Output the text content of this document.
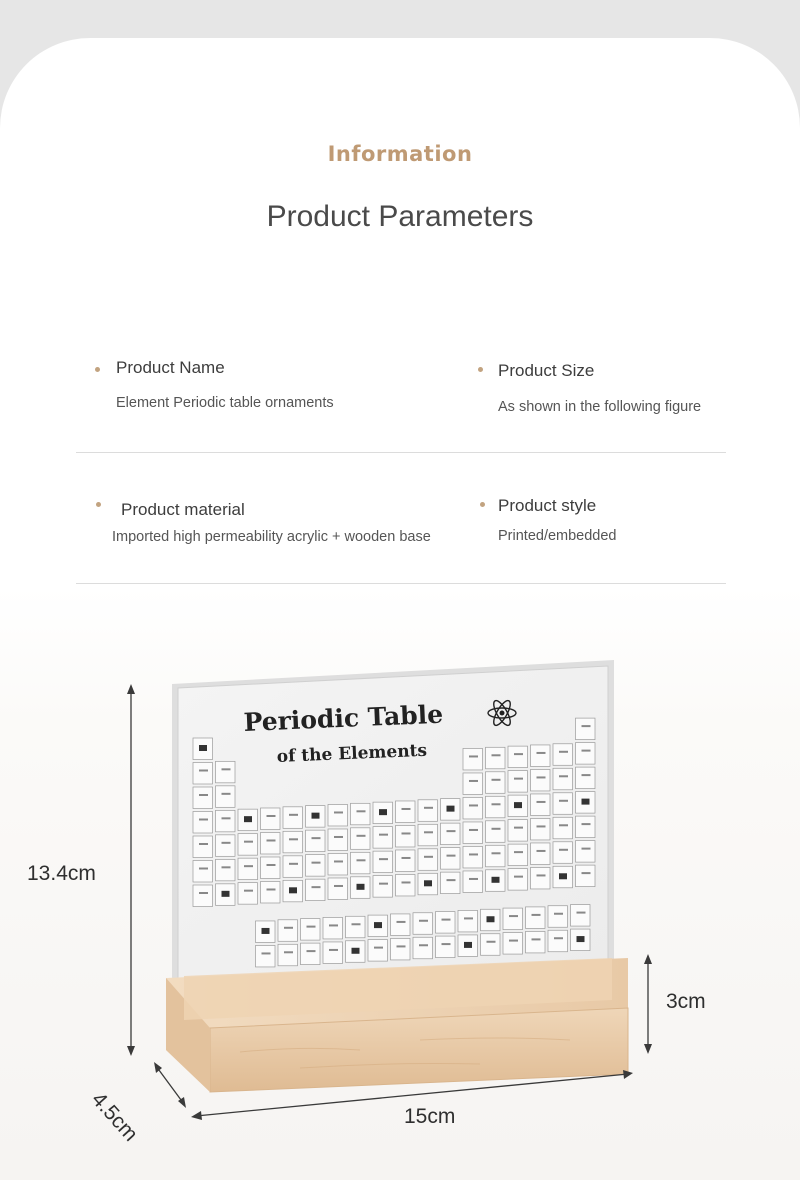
Information
Product Parameters
Product Name
Element Periodic table ornaments
Product Size
As shown in the following figure
Product material
Imported high permeability acrylic + wooden base
Product style
Printed/embedded
Periodic Table
of the Elements
13.4cm
3cm
15cm
4.5cm
